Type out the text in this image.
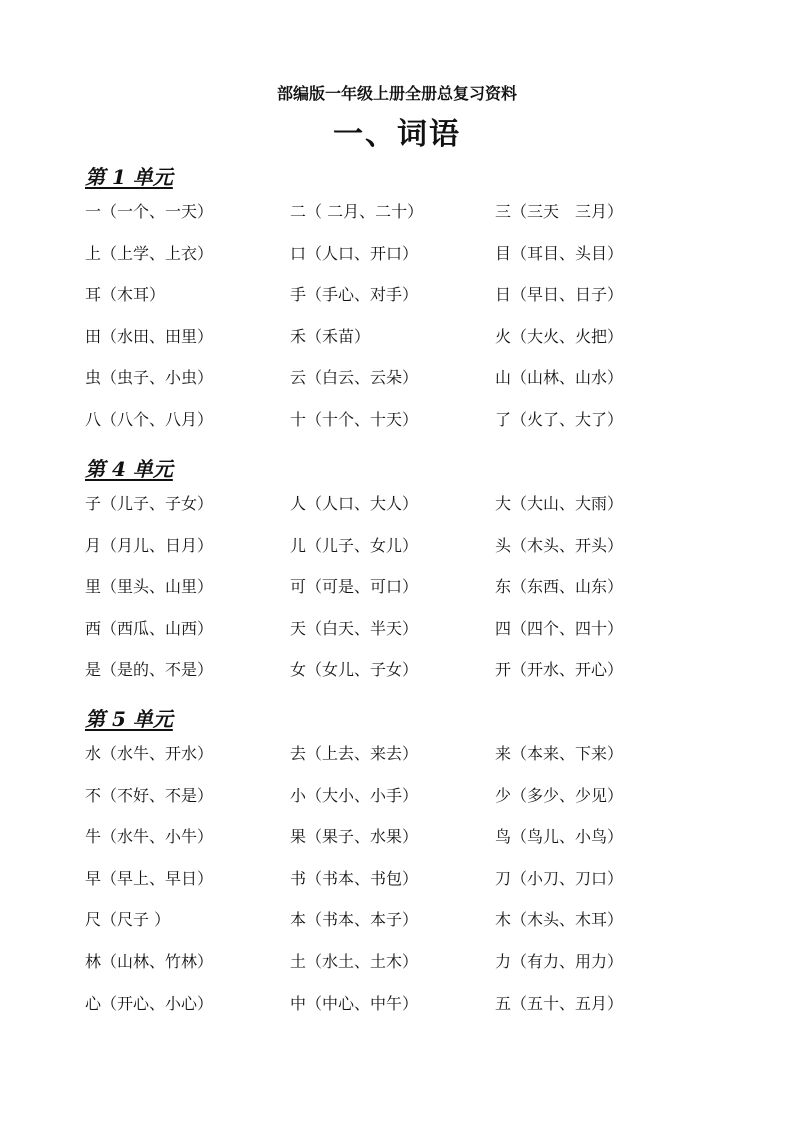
部编版一年级上册全册总复习资料
一、词语
第 1 单元
一（一个、一天）	二（ 二月、二十）	三（三天　三月）
上（上学、上衣）	口（人口、开口）	目（耳目、头目）
耳（木耳）	手（手心、对手）	日（早日、日子）
田（水田、田里）	禾（禾苗）	火（大火、火把）
虫（虫子、小虫）	云（白云、云朵）	山（山林、山水）
八（八个、八月）	十（十个、十天）	了（火了、大了）
第 4 单元
子（儿子、子女）	人（人口、大人）	大（大山、大雨）
月（月儿、日月）	儿（儿子、女儿）	头（木头、开头）
里（里头、山里）	可（可是、可口）	东（东西、山东）
西（西瓜、山西）	天（白天、半天）	四（四个、四十）
是（是的、不是）	女（女儿、子女）	开（开水、开心）
第 5 单元
水（水牛、开水）	去（上去、来去）	来（本来、下来）
不（不好、不是）	小（大小、小手）	少（多少、少见）
牛（水牛、小牛）	果（果子、水果）	鸟（鸟儿、小鸟）
早（早上、早日）	书（书本、书包）	刀（小刀、刀口）
尺（尺子 ）	本（书本、本子）	木（木头、木耳）
林（山林、竹林）	土（水土、土木）	力（有力、用力）
心（开心、小心）	中（中心、中午）	五（五十、五月）
